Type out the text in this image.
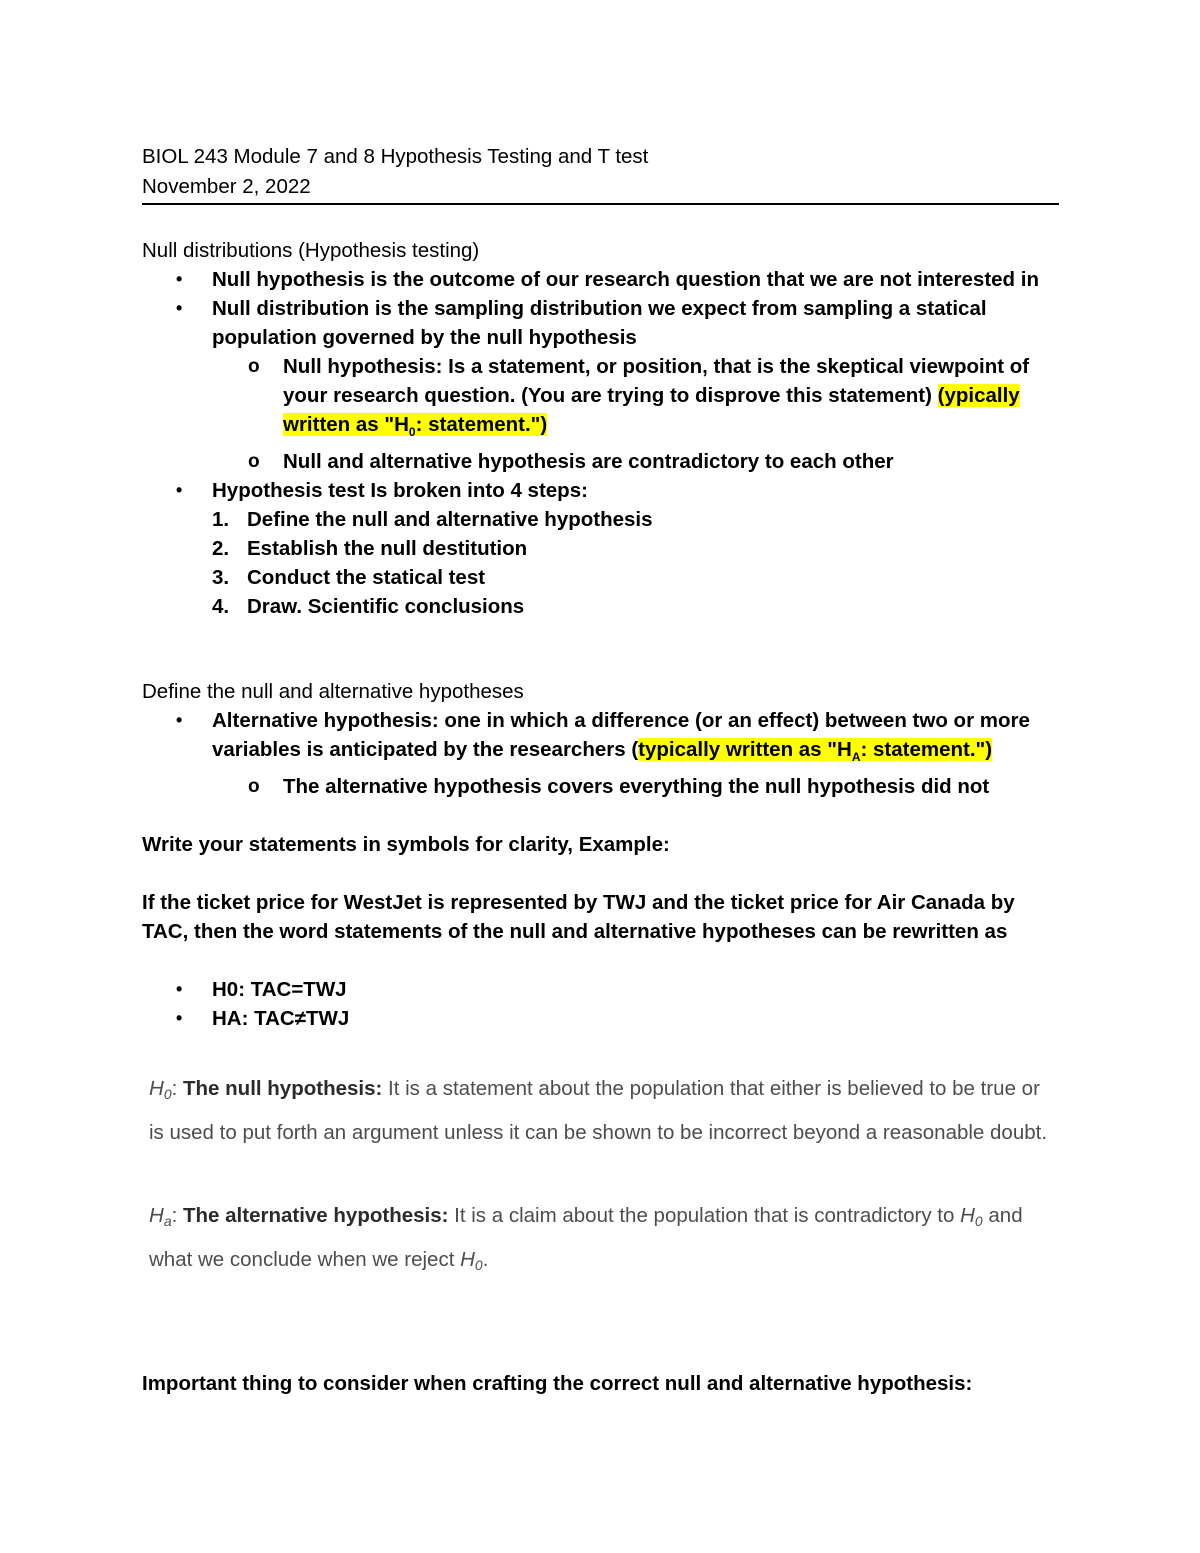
BIOL 243 Module 7 and 8 Hypothesis Testing and T test
November 2, 2022
Null distributions (Hypothesis testing)
• Null hypothesis is the outcome of our research question that we are not interested in
• Null distribution is the sampling distribution we expect from sampling a statical population governed by the null hypothesis
o Null hypothesis: Is a statement, or position, that is the skeptical viewpoint of your research question. (You are trying to disprove this statement) (ypically written as "$H_0$: statement.")
o Null and alternative hypothesis are contradictory to each other
• Hypothesis test Is broken into 4 steps:
1. Define the null and alternative hypothesis
2. Establish the null destitution
3. Conduct the statical test
4. Draw. Scientific conclusions
Define the null and alternative hypotheses
• Alternative hypothesis: one in which a difference (or an effect) between two or more variables is anticipated by the researchers (typically written as "$H_A$: statement.")
o The alternative hypothesis covers everything the null hypothesis did not
Write your statements in symbols for clarity, Example:
If the ticket price for WestJet is represented by TWJ and the ticket price for Air Canada by TAC, then the word statements of the null and alternative hypotheses can be rewritten as
• H0: TAC=TWJ
• HA: TAC≠TWJ
$H_0$: The null hypothesis: It is a statement about the population that either is believed to be true or is used to put forth an argument unless it can be shown to be incorrect beyond a reasonable doubt.
$H_a$: The alternative hypothesis: It is a claim about the population that is contradictory to $H_0$ and what we conclude when we reject $H_0$.
Important thing to consider when crafting the correct null and alternative hypothesis:
